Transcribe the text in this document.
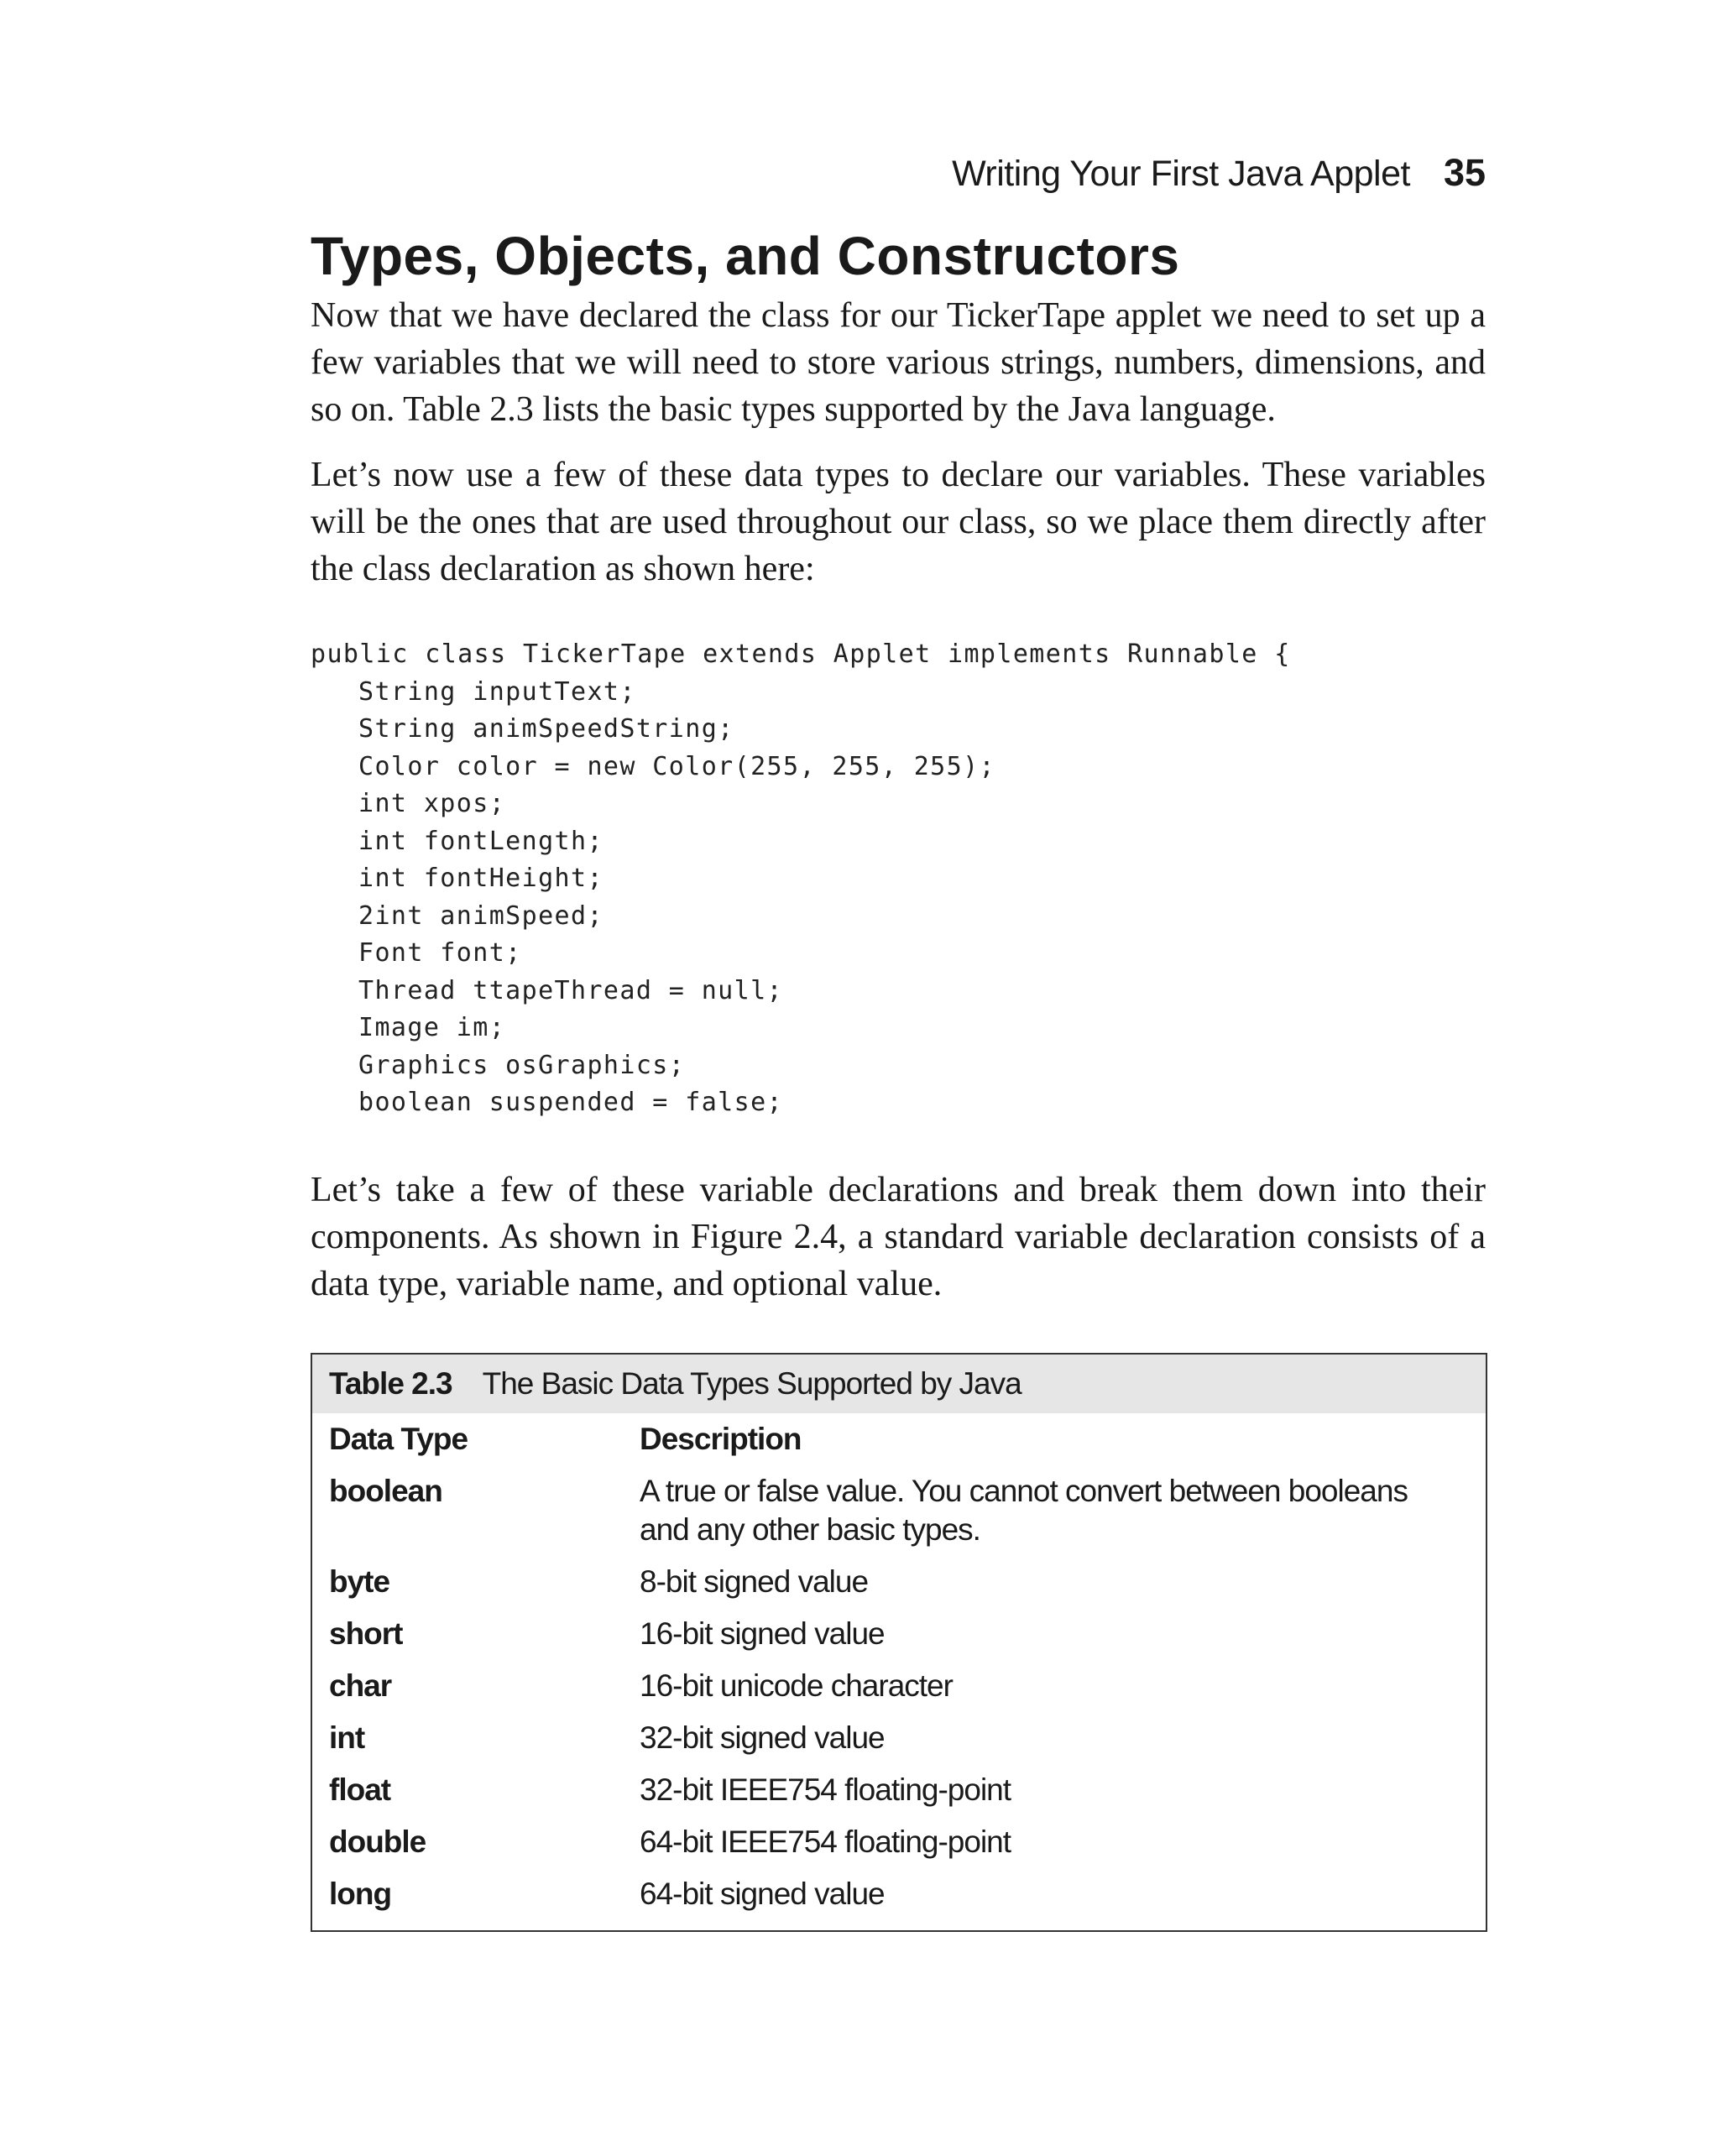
Writing Your First Java Applet 35
Types, Objects, and Constructors

Now that we have declared the class for our TickerTape applet we need to set up a few variables that we will need to store various strings, numbers, dimensions, and so on. Table 2.3 lists the basic types supported by the Java language.

Let’s now use a few of these data types to declare our variables. These variables will be the ones that are used throughout our class, so we place them directly after the class declaration as shown here:

public class TickerTape extends Applet implements Runnable {
String inputText;
String animSpeedString;
Color color = new Color(255, 255, 255);
int xpos;
int fontLength;
int fontHeight;
2int animSpeed;
Font font;
Thread ttapeThread = null;
Image im;
Graphics osGraphics;
boolean suspended = false;

Let’s take a few of these variable declarations and break them down into their components. As shown in Figure 2.4, a standard variable declaration consists of a data type, variable name, and optional value.

Table 2.3 The Basic Data Types Supported by Java
Data Type	Description
boolean	A true or false value. You cannot convert between booleans and any other basic types.
byte	8-bit signed value
short	16-bit signed value
char	16-bit unicode character
int	32-bit signed value
float	32-bit IEEE754 floating-point
double	64-bit IEEE754 floating-point
long	64-bit signed value
